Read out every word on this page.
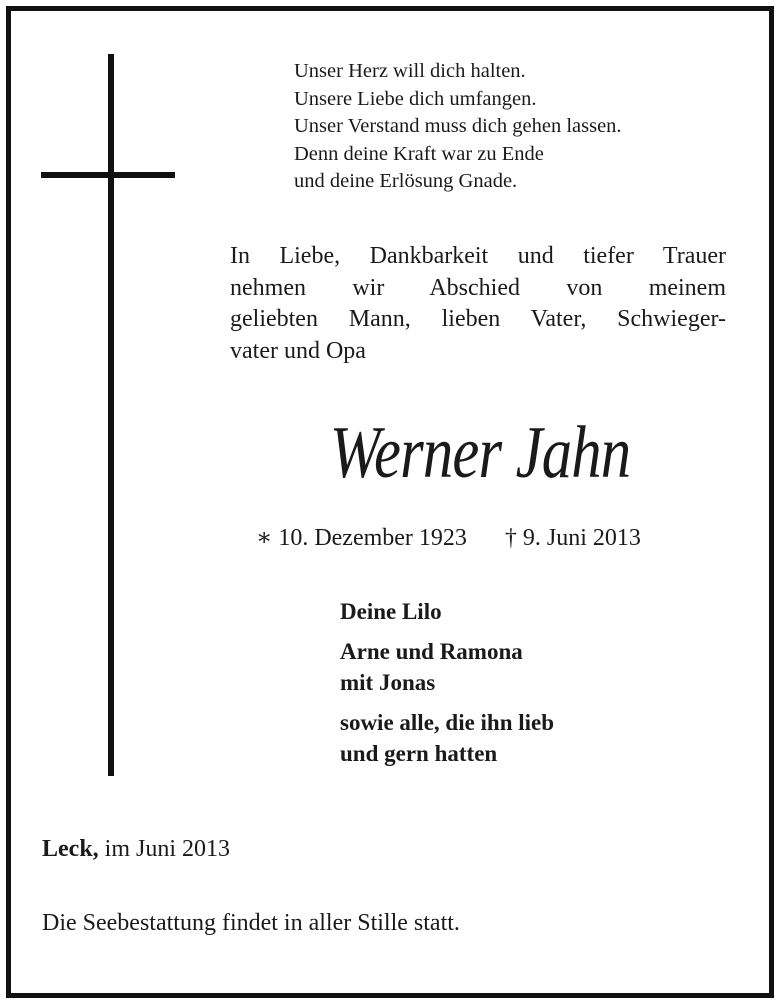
Unser Herz will dich halten.
Unsere Liebe dich umfangen.
Unser Verstand muss dich gehen lassen.
Denn deine Kraft war zu Ende
und deine Erlösung Gnade.
In Liebe, Dankbarkeit und tiefer Trauer
nehmen wir Abschied von meinem
geliebten Mann, lieben Vater, Schwieger-
vater und Opa
Werner Jahn
∗ 10. Dezember 1923 † 9. Juni 2013
Deine Lilo
Arne und Ramona
mit Jonas
sowie alle, die ihn lieb
und gern hatten
Leck, im Juni 2013
Die Seebestattung findet in aller Stille statt.
